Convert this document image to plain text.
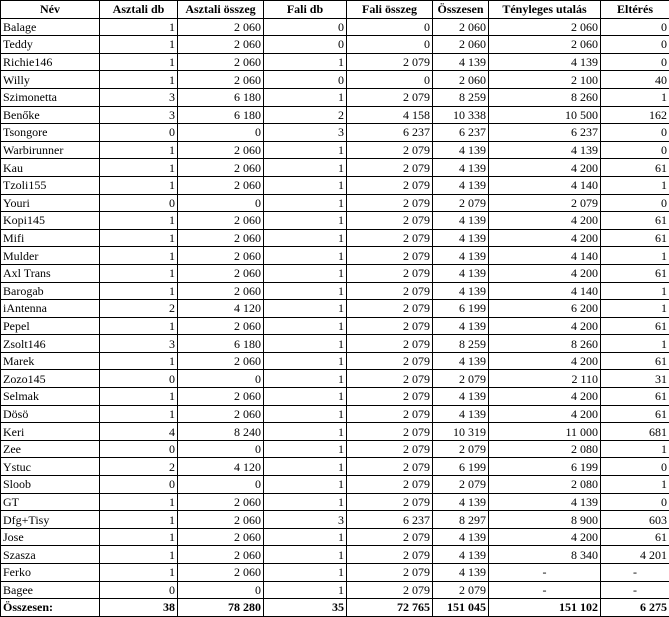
Név	Asztali db	Asztali összeg	Fali db	Fali összeg	Összesen	Tényleges utalás	Eltérés
Balage	1	2 060	0	0	2 060	2 060	0
Teddy	1	2 060	0	0	2 060	2 060	0
Richie146	1	2 060	1	2 079	4 139	4 139	0
Willy	1	2 060	0	0	2 060	2 100	40
Szimonetta	3	6 180	1	2 079	8 259	8 260	1
Benőke	3	6 180	2	4 158	10 338	10 500	162
Tsongore	0	0	3	6 237	6 237	6 237	0
Warbirunner	1	2 060	1	2 079	4 139	4 139	0
Kau	1	2 060	1	2 079	4 139	4 200	61
Tzoli155	1	2 060	1	2 079	4 139	4 140	1
Youri	0	0	1	2 079	2 079	2 079	0
Kopi145	1	2 060	1	2 079	4 139	4 200	61
Mifi	1	2 060	1	2 079	4 139	4 200	61
Mulder	1	2 060	1	2 079	4 139	4 140	1
Axl Trans	1	2 060	1	2 079	4 139	4 200	61
Barogab	1	2 060	1	2 079	4 139	4 140	1
iAntenna	2	4 120	1	2 079	6 199	6 200	1
Pepel	1	2 060	1	2 079	4 139	4 200	61
Zsolt146	3	6 180	1	2 079	8 259	8 260	1
Marek	1	2 060	1	2 079	4 139	4 200	61
Zozo145	0	0	1	2 079	2 079	2 110	31
Selmak	1	2 060	1	2 079	4 139	4 200	61
Dösö	1	2 060	1	2 079	4 139	4 200	61
Keri	4	8 240	1	2 079	10 319	11 000	681
Zee	0	0	1	2 079	2 079	2 080	1
Ystuc	2	4 120	1	2 079	6 199	6 199	0
Sloob	0	0	1	2 079	2 079	2 080	1
GT	1	2 060	1	2 079	4 139	4 139	0
Dfg+Tisy	1	2 060	3	6 237	8 297	8 900	603
Jose	1	2 060	1	2 079	4 139	4 200	61
Szasza	1	2 060	1	2 079	4 139	8 340	4 201
Ferko	1	2 060	1	2 079	4 139	-	-
Bagee	0	0	1	2 079	2 079	-	-
Összesen:	38	78 280	35	72 765	151 045	151 102	6 275
